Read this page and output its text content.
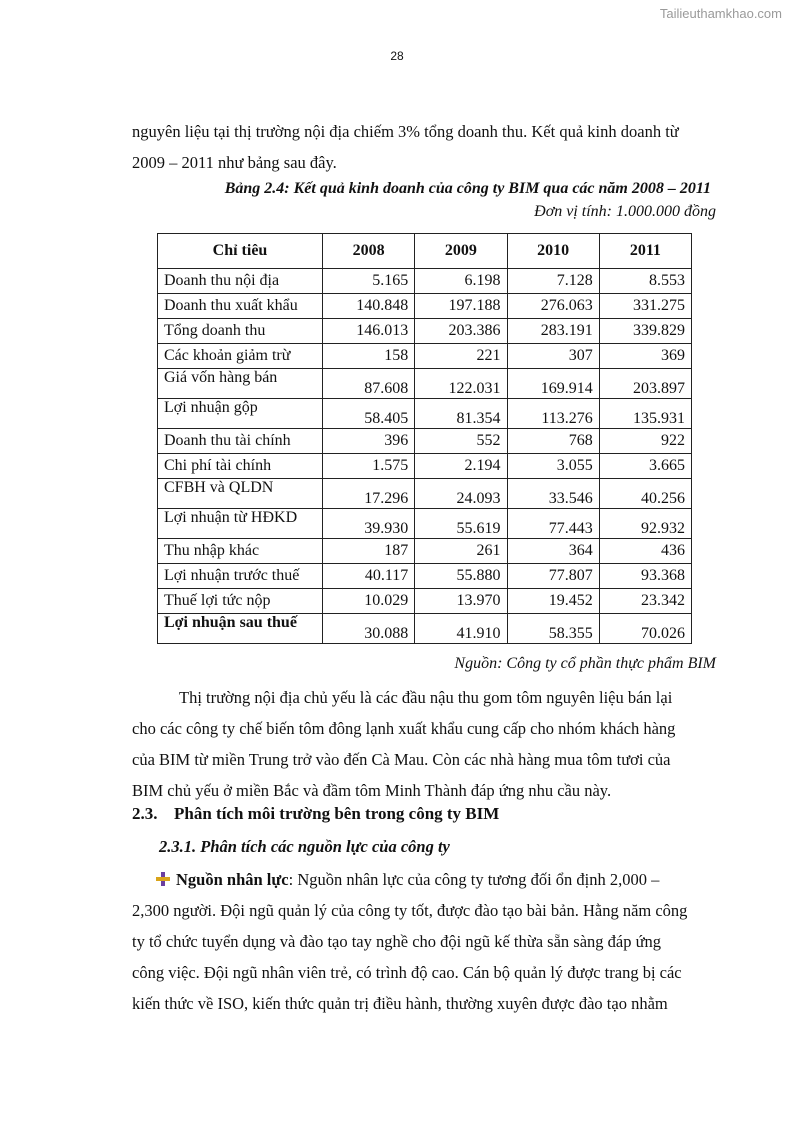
Tailieuthamkhao.com
28

nguyên liệu tại thị trường nội địa chiếm 3% tổng doanh thu. Kết quả kinh doanh từ
2009 – 2011 như bảng sau đây.

Bảng 2.4: Kết quả kinh doanh của công ty BIM qua các năm 2008 – 2011
Đơn vị tính: 1.000.000 đồng
Chỉ tiêu	2008	2009	2010	2011
Doanh thu nội địa	5.165	6.198	7.128	8.553
Doanh thu xuất khẩu	140.848	197.188	276.063	331.275
Tổng doanh thu	146.013	203.386	283.191	339.829
Các khoản giảm trừ	158	221	307	369
Giá vốn hàng bán	87.608	122.031	169.914	203.897
Lợi nhuận gộp	58.405	81.354	113.276	135.931
Doanh thu tài chính	396	552	768	922
Chi phí tài chính	1.575	2.194	3.055	3.665
CFBH và QLDN	17.296	24.093	33.546	40.256
Lợi nhuận từ HĐKD	39.930	55.619	77.443	92.932
Thu nhập khác	187	261	364	436
Lợi nhuận trước thuế	40.117	55.880	77.807	93.368
Thuế lợi tức nộp	10.029	13.970	19.452	23.342
Lợi nhuận sau thuế	30.088	41.910	58.355	70.026
Nguồn: Công ty cổ phần thực phẩm BIM

Thị trường nội địa chủ yếu là các đầu nậu thu gom tôm nguyên liệu bán lại
cho các công ty chế biến tôm đông lạnh xuất khẩu cung cấp cho nhóm khách hàng
của BIM từ miền Trung trở vào đến Cà Mau. Còn các nhà hàng mua tôm tươi của
BIM chủ yếu ở miền Bắc và đầm tôm Minh Thành đáp ứng nhu cầu này.

2.3. Phân tích môi trường bên trong công ty BIM
2.3.1. Phân tích các nguồn lực của công ty

Nguồn nhân lực: Nguồn nhân lực của công ty tương đối ổn định 2,000 –
2,300 người. Đội ngũ quản lý của công ty tốt, được đào tạo bài bản. Hằng năm công
ty tổ chức tuyển dụng và đào tạo tay nghề cho đội ngũ kế thừa sẵn sàng đáp ứng
công việc. Đội ngũ nhân viên trẻ, có trình độ cao. Cán bộ quản lý được trang bị các
kiến thức về ISO, kiến thức quản trị điều hành, thường xuyên được đào tạo nhằm
